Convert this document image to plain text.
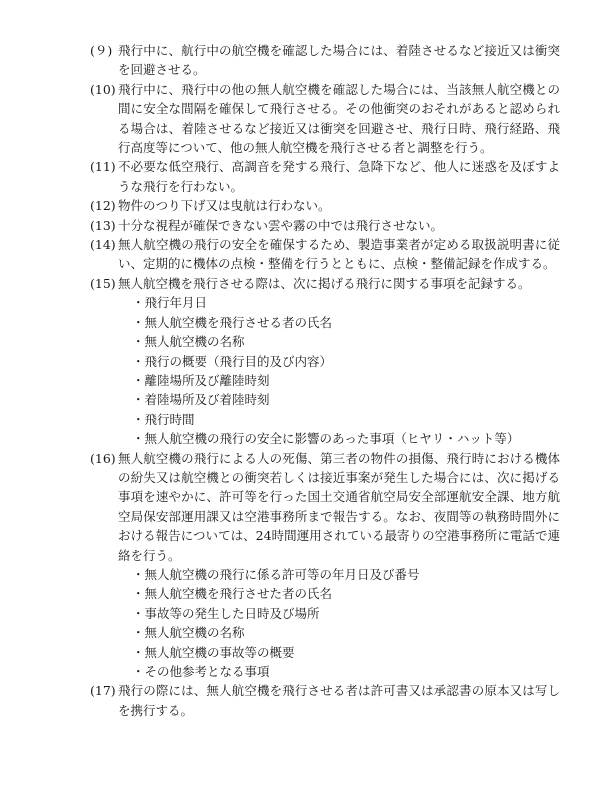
(９) 飛行中に、航行中の航空機を確認した場合には、着陸させるなど接近又は衝突を回避させる。
(10) 飛行中に、飛行中の他の無人航空機を確認した場合には、当該無人航空機との間に安全な間隔を確保して飛行させる。その他衝突のおそれがあると認められる場合は、着陸させるなど接近又は衝突を回避させ、飛行日時、飛行経路、飛行高度等について、他の無人航空機を飛行させる者と調整を行う。
(11) 不必要な低空飛行、高調音を発する飛行、急降下など、他人に迷惑を及ぼすような飛行を行わない。
(12) 物件のつり下げ又は曳航は行わない。
(13) 十分な視程が確保できない雲や霧の中では飛行させない。
(14) 無人航空機の飛行の安全を確保するため、製造事業者が定める取扱説明書に従い、定期的に機体の点検・整備を行うとともに、点検・整備記録を作成する。
(15) 無人航空機を飛行させる際は、次に掲げる飛行に関する事項を記録する。
・飛行年月日
・無人航空機を飛行させる者の氏名
・無人航空機の名称
・飛行の概要（飛行目的及び内容）
・離陸場所及び離陸時刻
・着陸場所及び着陸時刻
・飛行時間
・無人航空機の飛行の安全に影響のあった事項（ヒヤリ・ハット等）
(16) 無人航空機の飛行による人の死傷、第三者の物件の損傷、飛行時における機体の紛失又は航空機との衝突若しくは接近事案が発生した場合には、次に掲げる事項を速やかに、許可等を行った国土交通省航空局安全部運航安全課、地方航空局保安部運用課又は空港事務所まで報告する。なお、夜間等の執務時間外における報告については、24時間運用されている最寄りの空港事務所に電話で連絡を行う。
・無人航空機の飛行に係る許可等の年月日及び番号
・無人航空機を飛行させた者の氏名
・事故等の発生した日時及び場所
・無人航空機の名称
・無人航空機の事故等の概要
・その他参考となる事項
(17) 飛行の際には、無人航空機を飛行させる者は許可書又は承認書の原本又は写しを携行する。
